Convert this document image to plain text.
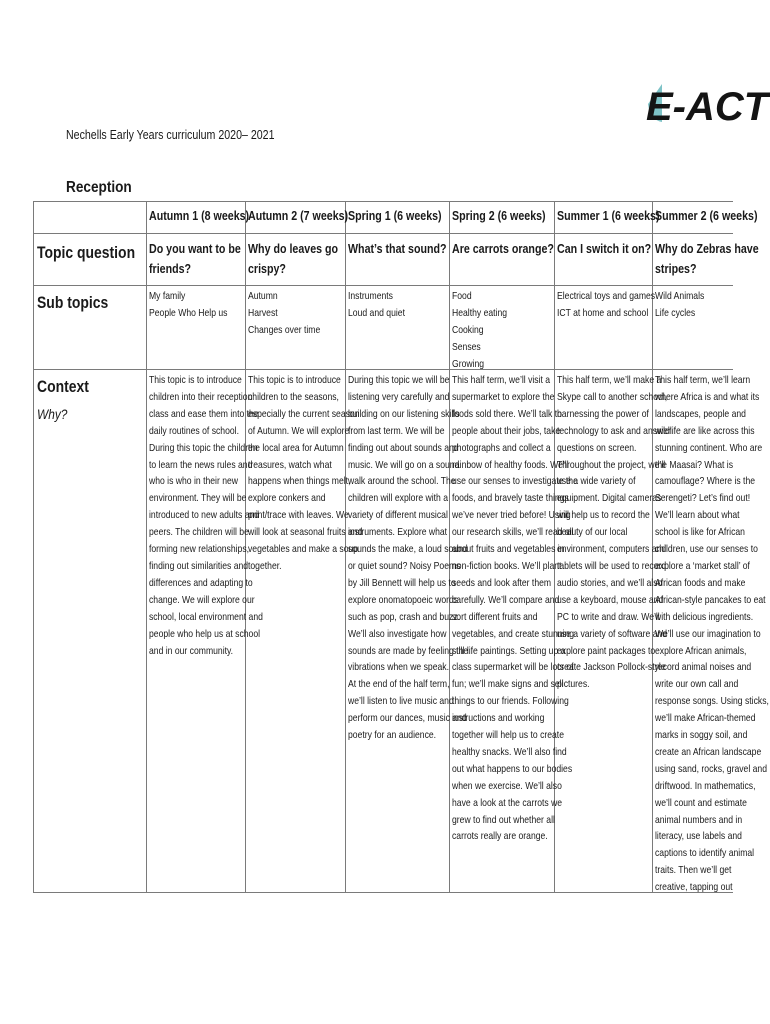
E-ACT
Nechells Early Years curriculum 2020– 2021
Reception
Topic question
Sub topics
Context
Why?
Autumn 1 (8 weeks)
Autumn 2 (7 weeks) Spring 1 (6 weeks) Spring 2 (6 weeks) Summer 1 (6 weeks)
Summer 2 (6 weeks)
Do you want to be
friends?
Why do leaves go
crispy?
What’s that sound? Are carrots orange? Can I switch it on? Why do Zebras have
stripes?
My family
People Who Help us
Autumn
Harvest
Changes over time
Instruments
Loud and quiet
Food
Healthy eating
Cooking
Senses
Growing
Electrical toys and games
ICT at home and school
Wild Animals
Life cycles
This topic is to introduce
children into their reception
class and ease them into the
daily routines of school.
During this topic the children
to learn the news rules and
who is who in their new
environment. They will be
introduced to new adults and
peers. The children will be
forming new relationships,
finding out similarities and
differences and adapting to
change. We will explore our
school, local environment and
people who help us at school
and in our community.
This topic is to introduce
children to the seasons,
especially the current season
of Autumn. We will explore
the local area for Autumn
treasures, watch what
happens when things melt,
explore conkers and
print/trace with leaves. We
will look at seasonal fruits and
vegetables and make a soup
together.
During this topic we will be
listening very carefully and
building on our listening skills
from last term. We will be
finding out about sounds and
music. We will go on a sound
walk around the school. The
children will explore with a
variety of different musical
instruments. Explore what
sounds the make, a loud sound
or quiet sound? Noisy Poems
by Jill Bennett will help us to
explore onomatopoeic words
such as pop, crash and buzz.
We’ll also investigate how
sounds are made by feeling the
vibrations when we speak.
At the end of the half term,
we’ll listen to live music and
perform our dances, music and
poetry for an audience.
This half term, we’ll visit a
supermarket to explore the
foods sold there. We’ll talk to
people about their jobs, take
photographs and collect a
rainbow of healthy foods. We’ll
use our senses to investigate the
foods, and bravely taste things
we’ve never tried before! Using
our research skills, we’ll read all
about fruits and vegetables in
non-fiction books. We’ll plant
seeds and look after them
carefully. We’ll compare and
sort different fruits and
vegetables, and create stunning
still life paintings. Setting up a
class supermarket will be lots of
fun; we’ll make signs and sell
things to our friends. Following
instructions and working
together will help us to create
healthy snacks. We’ll also find
out what happens to our bodies
when we exercise. We’ll also
have a look at the carrots we
grew to find out whether all
carrots really are orange.
This half term, we’ll make a
Skype call to another school,
harnessing the power of
technology to ask and answer
questions on screen.
Throughout the project, we’ll
use a wide variety of
equipment. Digital cameras
will help us to record the
beauty of our local
environment, computers and
tablets will be used to record
audio stories, and we’ll also
use a keyboard, mouse and
PC to write and draw. We’ll
use a variety of software and
explore paint packages to
create Jackson Pollock-style
pictures.
This half term, we’ll learn
where Africa is and what its
landscapes, people and
wildlife are like across this
stunning continent. Who are
the Maasai? What is
camouflage? Where is the
Serengeti? Let’s find out!
We’ll learn about what
school is like for African
children, use our senses to
explore a ‘market stall’ of
African foods and make
African-style pancakes to eat
with delicious ingredients.
We’ll use our imagination to
explore African animals,
record animal noises and
write our own call and
response songs. Using sticks,
we’ll make African-themed
marks in soggy soil, and
create an African landscape
using sand, rocks, gravel and
driftwood. In mathematics,
we’ll count and estimate
animal numbers and in
literacy, use labels and
captions to identify animal
traits. Then we’ll get
creative, tapping out
